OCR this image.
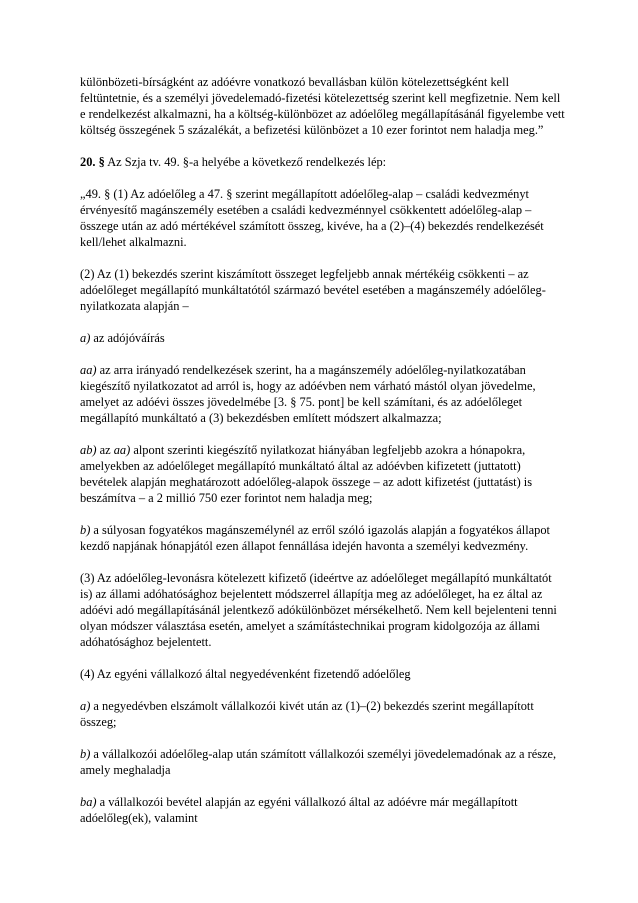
különbözeti-bírságként az adóévre vonatkozó bevallásban külön kötelezettségként kell feltüntetnie, és a személyi jövedelemadó-fizetési kötelezettség szerint kell megfizetnie. Nem kell e rendelkezést alkalmazni, ha a költség-különbözet az adóelőleg megállapításánál figyelembe vett költség összegének 5 százalékát, a befizetési különbözet a 10 ezer forintot nem haladja meg.”

20. § Az Szja tv. 49. §-a helyébe a következő rendelkezés lép:

„49. § (1) Az adóelőleg a 47. § szerint megállapított adóelőleg-alap – családi kedvezményt érvényesítő magánszemély esetében a családi kedvezménnyel csökkentett adóelőleg-alap – összege után az adó mértékével számított összeg, kivéve, ha a (2)–(4) bekezdés rendelkezését kell/lehet alkalmazni.

(2) Az (1) bekezdés szerint kiszámított összeget legfeljebb annak mértékéig csökkenti – az adóelőleget megállapító munkáltatótól származó bevétel esetében a magánszemély adóelőleg-nyilatkozata alapján –

a) az adójóváírás

aa) az arra irányadó rendelkezések szerint, ha a magánszemély adóelőleg-nyilatkozatában kiegészítő nyilatkozatot ad arról is, hogy az adóévben nem várható mástól olyan jövedelme, amelyet az adóévi összes jövedelmébe [3. § 75. pont] be kell számítani, és az adóelőleget megállapító munkáltató a (3) bekezdésben említett módszert alkalmazza;

ab) az aa) alpont szerinti kiegészítő nyilatkozat hiányában legfeljebb azokra a hónapokra, amelyekben az adóelőleget megállapító munkáltató által az adóévben kifizetett (juttatott) bevételek alapján meghatározott adóelőleg-alapok összege – az adott kifizetést (juttatást) is beszámítva – a 2 millió 750 ezer forintot nem haladja meg;

b) a súlyosan fogyatékos magánszemélynél az erről szóló igazolás alapján a fogyatékos állapot kezdő napjának hónapjától ezen állapot fennállása idején havonta a személyi kedvezmény.

(3) Az adóelőleg-levonásra kötelezett kifizető (ideértve az adóelőleget megállapító munkáltatót is) az állami adóhatósághoz bejelentett módszerrel állapítja meg az adóelőleget, ha ez által az adóévi adó megállapításánál jelentkező adókülönbözet mérsékelhető. Nem kell bejelenteni tenni olyan módszer választása esetén, amelyet a számítástechnikai program kidolgozója az állami adóhatósághoz bejelentett.

(4) Az egyéni vállalkozó által negyedévenként fizetendő adóelőleg

a) a negyedévben elszámolt vállalkozói kivét után az (1)–(2) bekezdés szerint megállapított összeg;

b) a vállalkozói adóelőleg-alap után számított vállalkozói személyi jövedelemadónak az a része, amely meghaladja

ba) a vállalkozói bevétel alapján az egyéni vállalkozó által az adóévre már megállapított adóelőleg(ek), valamint
